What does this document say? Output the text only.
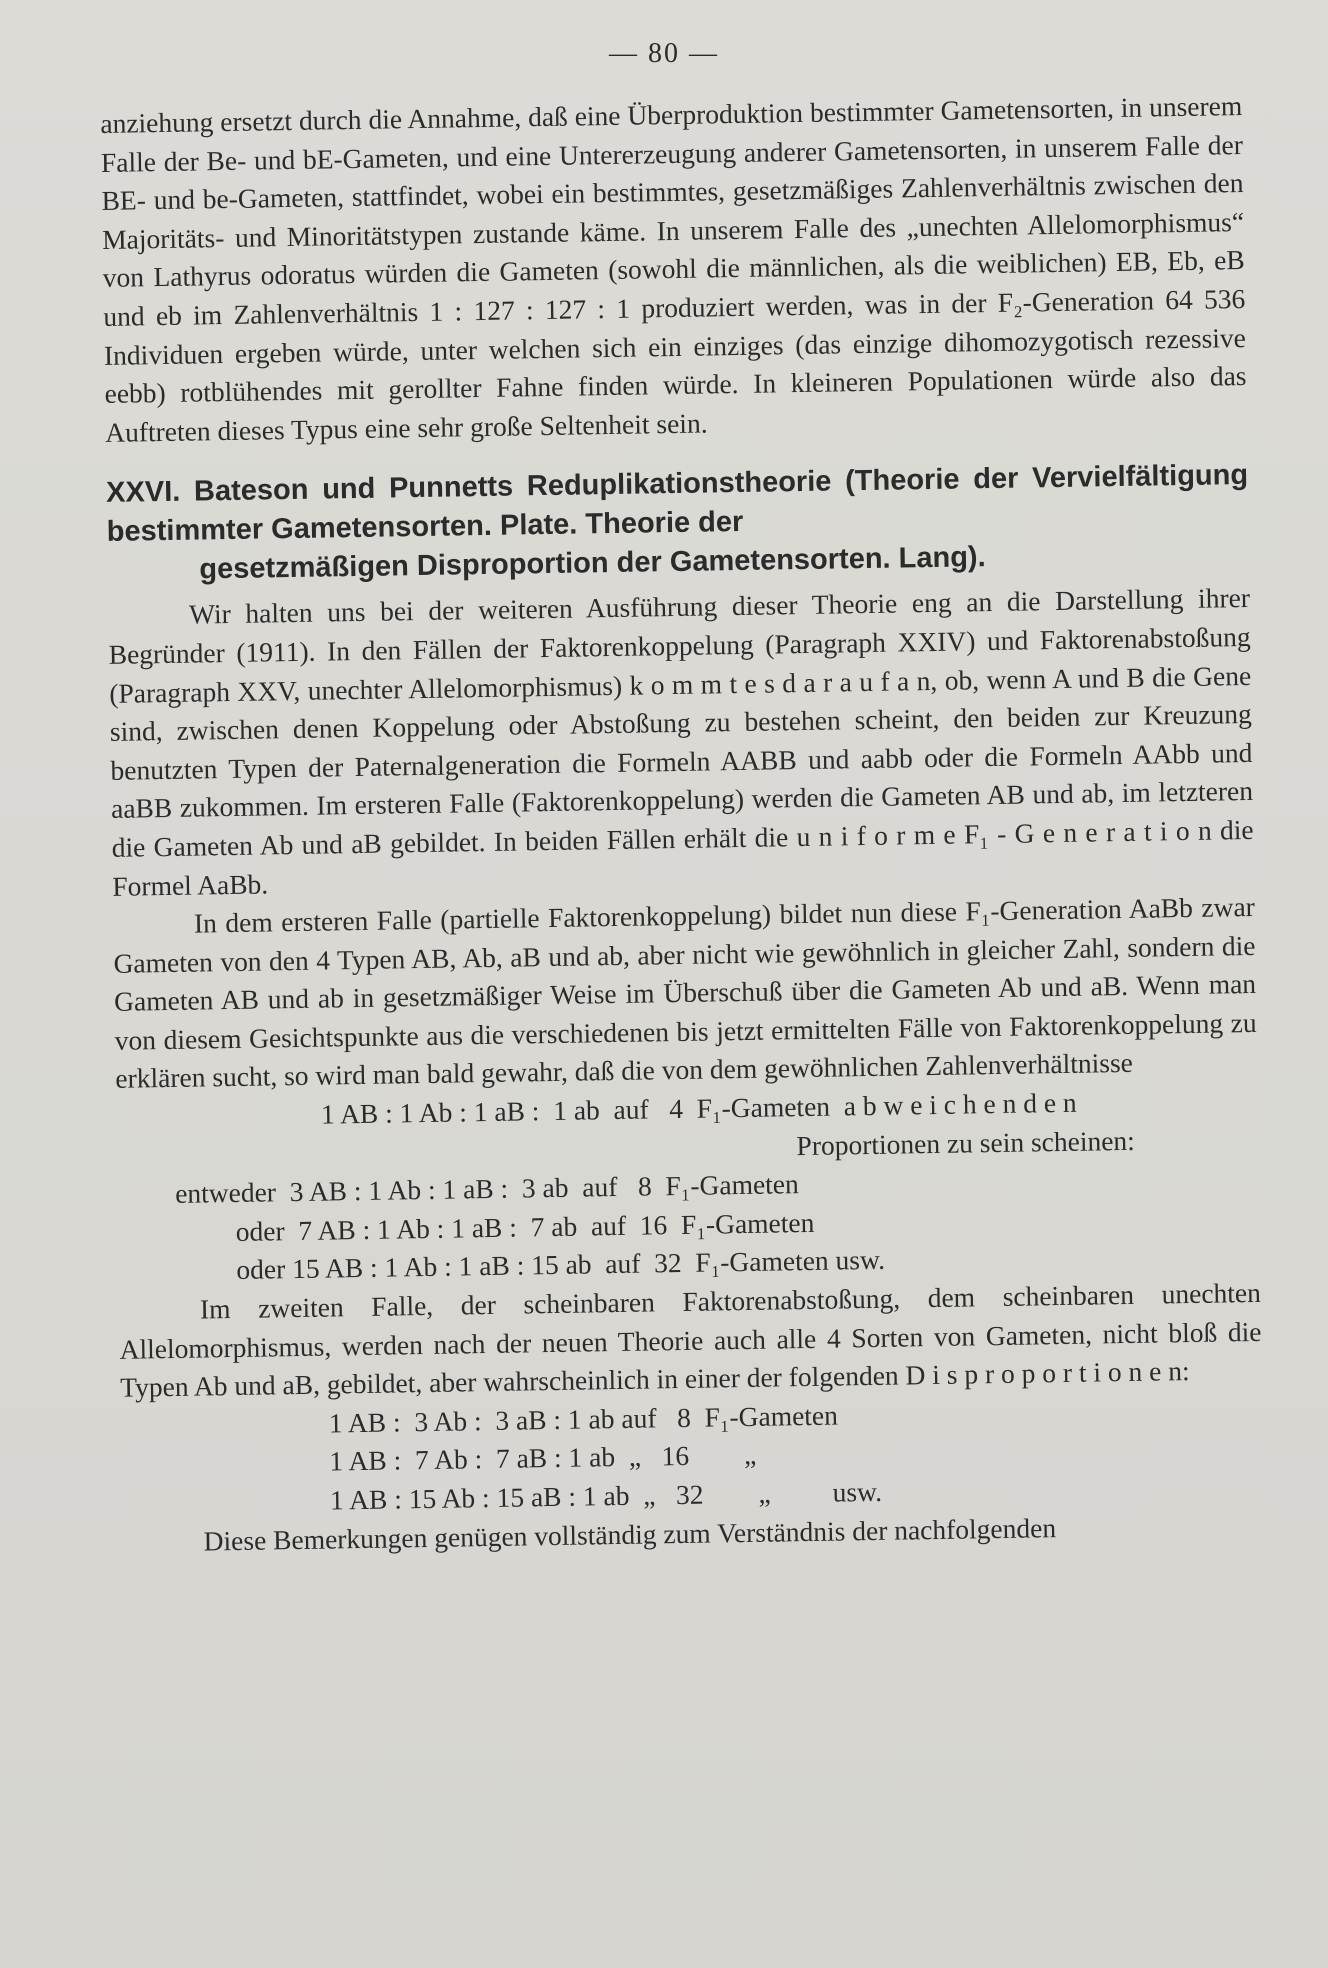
— 80 —

anziehung ersetzt durch die Annahme, daß eine Überproduktion bestimmter Gametensorten, in unserem Falle der Be- und bE-Gameten, und eine Untererzeugung anderer Gametensorten, in unserem Falle der BE- und be-Gameten, stattfindet, wobei ein bestimmtes, gesetzmäßiges Zahlenverhältnis zwischen den Majoritäts- und Minoritätstypen zustande käme. In unserem Falle des „unechten Allelomorphismus“ von Lathyrus odoratus würden die Gameten (sowohl die männlichen, als die weiblichen) EB, Eb, eB und eb im Zahlenverhältnis 1 : 127 : 127 : 1 produziert werden, was in der F₂-Generation 64 536 Individuen ergeben würde, unter welchen sich ein einziges (das einzige dihomozygotisch rezessive eebb) rotblühendes mit gerollter Fahne finden würde. In kleineren Populationen würde also das Auftreten dieses Typus eine sehr große Seltenheit sein.

XXVI. Bateson und Punnetts Reduplikationstheorie (Theorie der Vervielfältigung bestimmter Gametensorten. Plate. Theorie der
gesetzmäßigen Disproportion der Gametensorten. Lang).

Wir halten uns bei der weiteren Ausführung dieser Theorie eng an die Darstellung ihrer Begründer (1911). In den Fällen der Faktorenkoppelung (Paragraph XXIV) und Faktorenabstoßung (Paragraph XXV, unechter Allelomorphismus) k o m m t e s d a r a u f a n, ob, wenn A und B die Gene sind, zwischen denen Koppelung oder Abstoßung zu bestehen scheint, den beiden zur Kreuzung benutzten Typen der Paternalgeneration die Formeln AABB und aabb oder die Formeln AAbb und aaBB zukommen. Im ersteren Falle (Faktorenkoppelung) werden die Gameten AB und ab, im letzteren die Gameten Ab und aB gebildet. In beiden Fällen erhält die u n i f o r m e F₁ - G e n e r a t i o n die Formel AaBb.

In dem ersteren Falle (partielle Faktorenkoppelung) bildet nun diese F₁-Generation AaBb zwar Gameten von den 4 Typen AB, Ab, aB und ab, aber nicht wie gewöhnlich in gleicher Zahl, sondern die Gameten AB und ab in gesetzmäßiger Weise im Überschuß über die Gameten Ab und aB. Wenn man von diesem Gesichtspunkte aus die verschiedenen bis jetzt ermittelten Fälle von Faktorenkoppelung zu erklären sucht, so wird man bald gewahr, daß die von dem gewöhnlichen Zahlenverhältnisse

1 AB : 1 Ab : 1 aB :  1 ab  auf   4  F₁-Gameten  a b w e i c h e n d e n
Proportionen zu sein scheinen:
entweder  3 AB : 1 Ab : 1 aB :  3 ab  auf   8  F₁-Gameten
oder  7 AB : 1 Ab : 1 aB :  7 ab  auf  16  F₁-Gameten
oder 15 AB : 1 Ab : 1 aB : 15 ab  auf  32  F₁-Gameten usw.

Im zweiten Falle, der scheinbaren Faktorenabstoßung, dem scheinbaren unechten Allelomorphismus, werden nach der neuen Theorie auch alle 4 Sorten von Gameten, nicht bloß die Typen Ab und aB, gebildet, aber wahrscheinlich in einer der folgenden D i s p r o p o r t i o n e n:

1 AB :  3 Ab :  3 aB : 1 ab auf   8  F₁-Gameten
1 AB :  7 Ab :  7 aB : 1 ab  „   16        „
1 AB : 15 Ab : 15 aB : 1 ab  „   32        „         usw.

Diese Bemerkungen genügen vollständig zum Verständnis der nachfolgenden
